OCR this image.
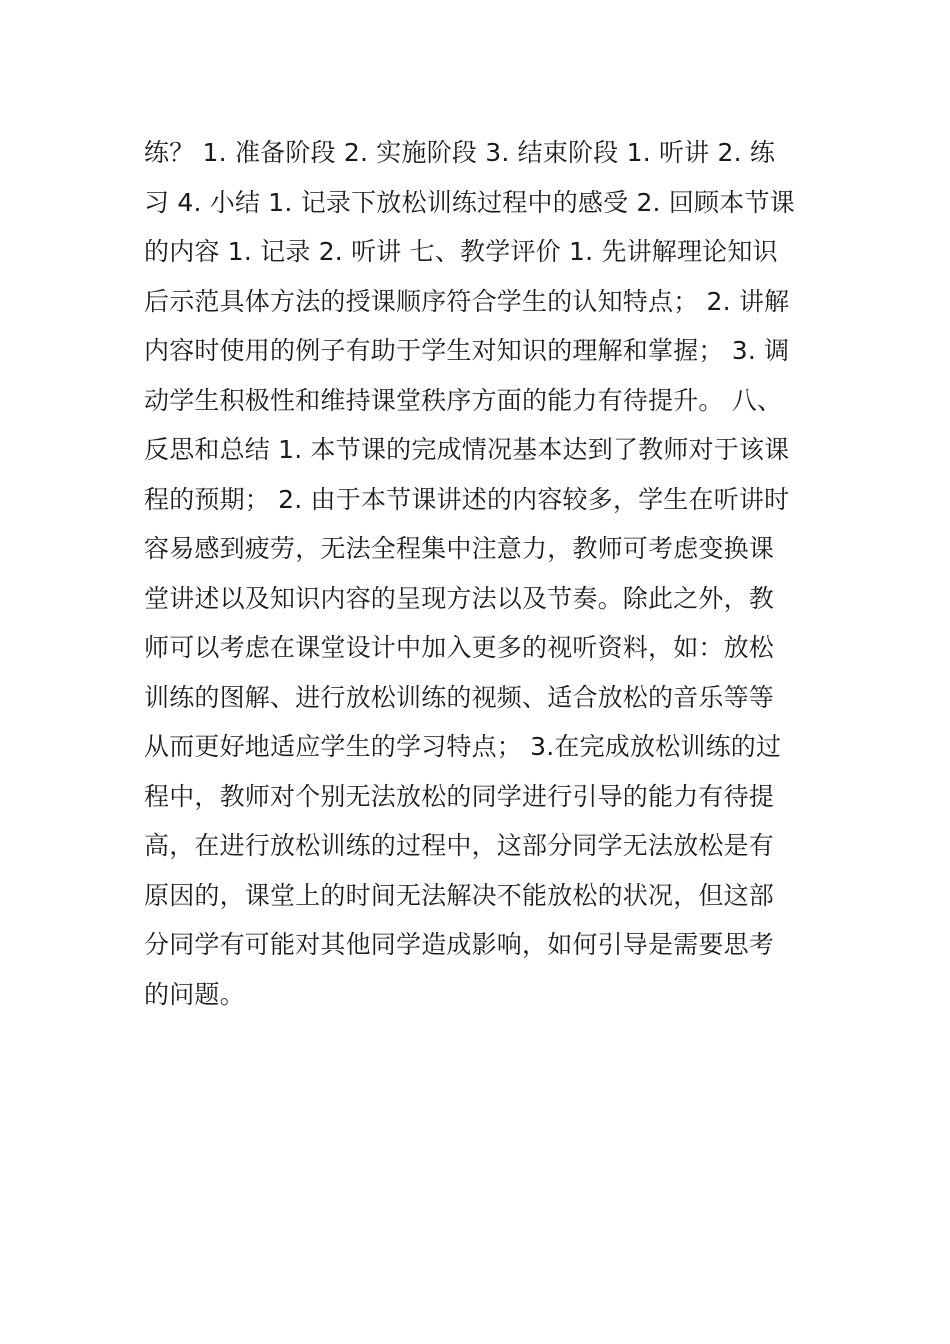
练？ 1. 准备阶段 2. 实施阶段 3. 结束阶段 1. 听讲 2. 练
习 4. 小结 1. 记录下放松训练过程中的感受 2. 回顾本节课
的内容 1. 记录 2. 听讲 七、教学评价 1. 先讲解理论知识
后示范具体方法的授课顺序符合学生的认知特点； 2. 讲解
内容时使用的例子有助于学生对知识的理解和掌握； 3. 调
动学生积极性和维持课堂秩序方面的能力有待提升。 八、
反思和总结 1. 本节课的完成情况基本达到了教师对于该课
程的预期； 2. 由于本节课讲述的内容较多，学生在听讲时
容易感到疲劳，无法全程集中注意力，教师可考虑变换课
堂讲述以及知识内容的呈现方法以及节奏。除此之外，教
师可以考虑在课堂设计中加入更多的视听资料，如：放松
训练的图解、进行放松训练的视频、适合放松的音乐等等
从而更好地适应学生的学习特点； 3.在完成放松训练的过
程中，教师对个别无法放松的同学进行引导的能力有待提
高，在进行放松训练的过程中，这部分同学无法放松是有
原因的，课堂上的时间无法解决不能放松的状况，但这部
分同学有可能对其他同学造成影响，如何引导是需要思考
的问题。
